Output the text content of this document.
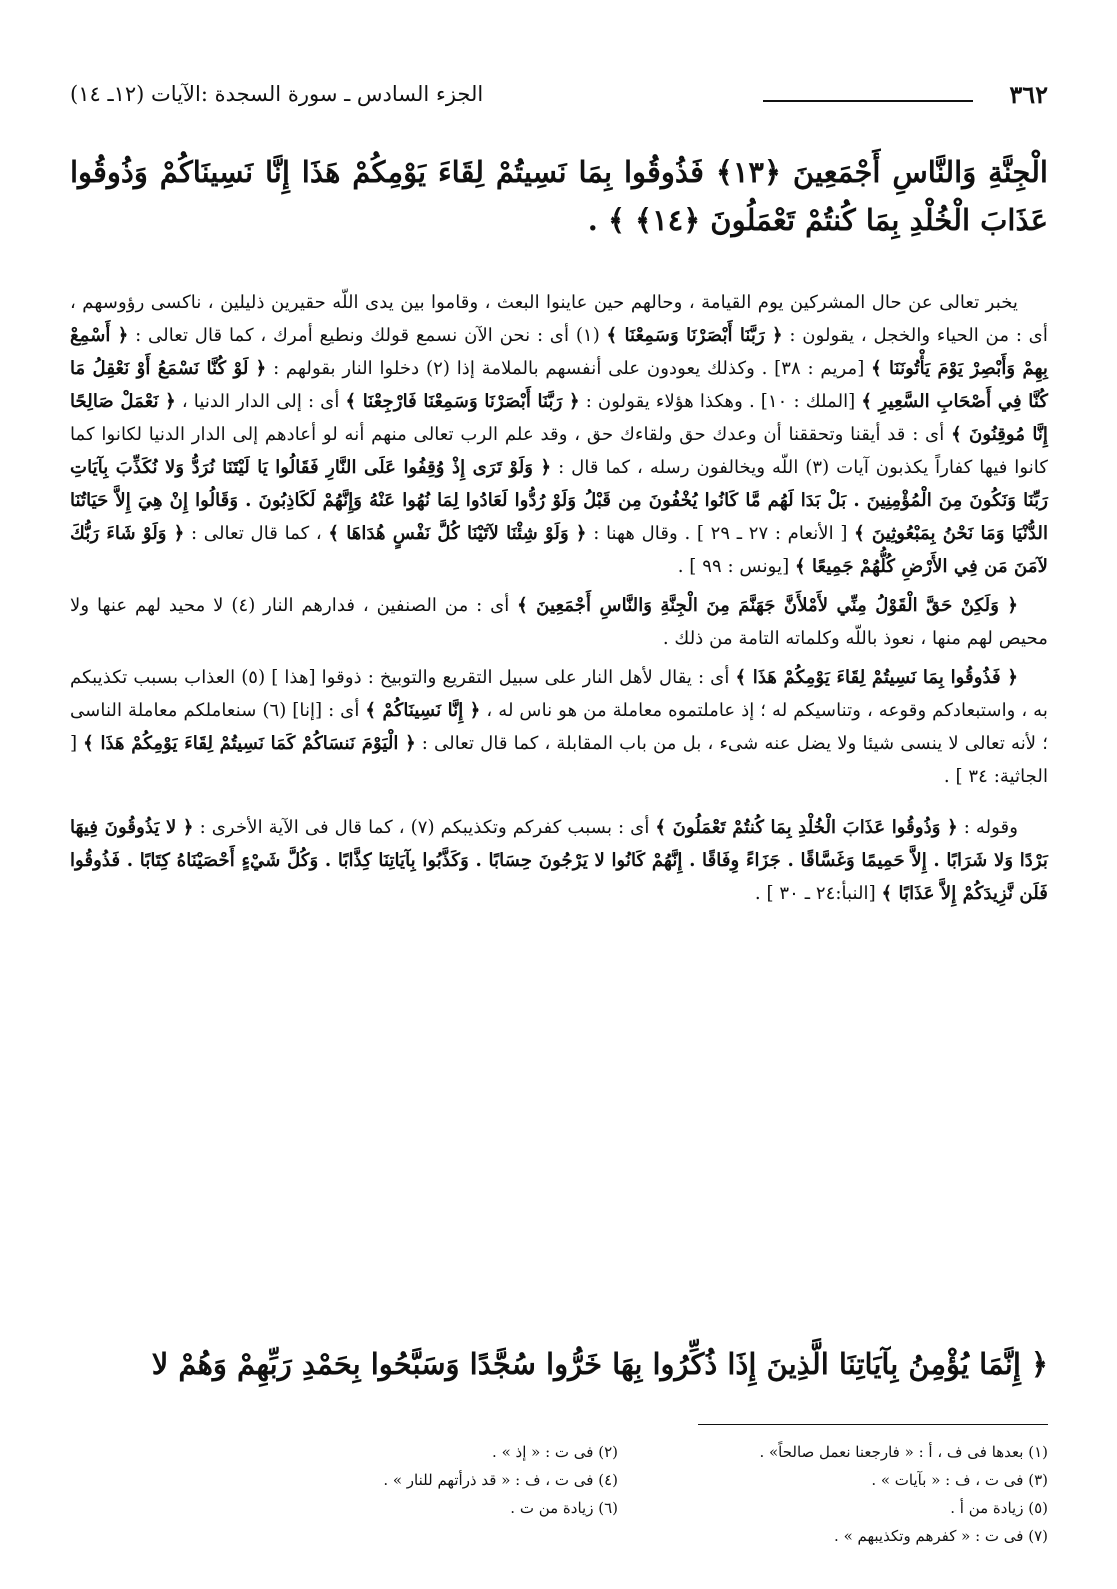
٣٦٢
الجزء السادس ـ سورة السجدة :الآيات (١٢ـ ١٤)
الْجِنَّةِ وَالنَّاسِ أَجْمَعِينَ ﴿١٣﴾ فَذُوقُوا بِمَا نَسِيتُمْ لِقَاءَ يَوْمِكُمْ هَذَا إِنَّا نَسِينَاكُمْ وَذُوقُوا عَذَابَ الْخُلْدِ بِمَا كُنتُمْ تَعْمَلُونَ ﴿١٤﴾ ﴾ .

يخبر تعالى عن حال المشركين يوم القيامة ، وحالهم حين عاينوا البعث ، وقاموا بين يدى اللّه حقيرين ذليلين ، ناكسى رؤوسهم ، أى : من الحياء والخجل ، يقولون : ﴿ رَبَّنَا أَبْصَرْنَا وَسَمِعْنَا ﴾ (١) أى : نحن الآن نسمع قولك ونطيع أمرك ، كما قال تعالى : ﴿ أَسْمِعْ بِهِمْ وَأَبْصِرْ يَوْمَ يَأْتُونَنَا ﴾ [مريم : ٣٨] . وكذلك يعودون على أنفسهم بالملامة إذا (٢) دخلوا النار بقولهم : ﴿ لَوْ كُنَّا نَسْمَعُ أَوْ نَعْقِلُ مَا كُنَّا فِي أَصْحَابِ السَّعِيرِ ﴾ [الملك : ١٠] . وهكذا هؤلاء يقولون : ﴿ رَبَّنَا أَبْصَرْنَا وَسَمِعْنَا فَارْجِعْنَا ﴾ أى : إلى الدار الدنيا ، ﴿ نَعْمَلْ صَالِحًا إِنَّا مُوقِنُونَ ﴾ أى : قد أيقنا وتحققنا أن وعدك حق ولقاءك حق ، وقد علم الرب تعالى منهم أنه لو أعادهم إلى الدار الدنيا لكانوا كما كانوا فيها كفاراً يكذبون آيات (٣) اللّه ويخالفون رسله ، كما قال : ﴿ وَلَوْ تَرَى إِذْ وُقِفُوا عَلَى النَّارِ فَقَالُوا يَا لَيْتَنَا نُرَدُّ وَلا نُكَذِّبَ بِآيَاتِ رَبِّنَا وَنَكُونَ مِنَ الْمُؤْمِنِينَ . بَلْ بَدَا لَهُم مَّا كَانُوا يُخْفُونَ مِن قَبْلُ وَلَوْ رُدُّوا لَعَادُوا لِمَا نُهُوا عَنْهُ وَإِنَّهُمْ لَكَاذِبُونَ . وَقَالُوا إِنْ هِيَ إِلاَّ حَيَاتُنَا الدُّنْيَا وَمَا نَحْنُ بِمَبْعُوثِينَ ﴾ [ الأنعام : ٢٧ ـ ٢٩ ] . وقال ههنا : ﴿ وَلَوْ شِئْنَا لآتَيْنَا كُلَّ نَفْسٍ هُدَاهَا ﴾ ، كما قال تعالى : ﴿ وَلَوْ شَاءَ رَبُّكَ لآمَنَ مَن فِي الأَرْضِ كُلُّهُمْ جَمِيعًا ﴾ [يونس : ٩٩ ] .

﴿ وَلَكِنْ حَقَّ الْقَوْلُ مِنِّي لأَمْلأَنَّ جَهَنَّمَ مِنَ الْجِنَّةِ وَالنَّاسِ أَجْمَعِينَ ﴾ أى : من الصنفين ، فدارهم النار (٤) لا محيد لهم عنها ولا محيص لهم منها ، نعوذ باللّه وكلماته التامة من ذلك .

﴿ فَذُوقُوا بِمَا نَسِيتُمْ لِقَاءَ يَوْمِكُمْ هَذَا ﴾ أى : يقال لأهل النار على سبيل التقريع والتوبيخ : ذوقوا [هذا ] (٥) العذاب بسبب تكذيبكم به ، واستبعادكم وقوعه ، وتناسيكم له ؛ إذ عاملتموه معاملة من هو ناس له ، ﴿ إِنَّا نَسِينَاكُمْ ﴾ أى : [إنا] (٦) سنعاملكم معاملة الناسى ؛ لأنه تعالى لا ينسى شيئا ولا يضل عنه شىء ، بل من باب المقابلة ، كما قال تعالى : ﴿ الْيَوْمَ نَنسَاكُمْ كَمَا نَسِيتُمْ لِقَاءَ يَوْمِكُمْ هَذَا ﴾ [ الجاثية: ٣٤ ] .

وقوله : ﴿ وَذُوقُوا عَذَابَ الْخُلْدِ بِمَا كُنتُمْ تَعْمَلُونَ ﴾ أى : بسبب كفركم وتكذيبكم (٧) ، كما قال فى الآية الأخرى : ﴿ لا يَذُوقُونَ فِيهَا بَرْدًا وَلا شَرَابًا . إِلاَّ حَمِيمًا وَغَسَّاقًا . جَزَاءً وِفَاقًا . إِنَّهُمْ كَانُوا لا يَرْجُونَ حِسَابًا . وَكَذَّبُوا بِآيَاتِنَا كِذَّابًا . وَكُلَّ شَيْءٍ أَحْصَيْنَاهُ كِتَابًا . فَذُوقُوا فَلَن نَّزِيدَكُمْ إِلاَّ عَذَابًا ﴾ [النبأ:٢٤ ـ ٣٠ ] .

﴿ إِنَّمَا يُؤْمِنُ بِآيَاتِنَا الَّذِينَ إِذَا ذُكِّرُوا بِهَا خَرُّوا سُجَّدًا وَسَبَّحُوا بِحَمْدِ رَبِّهِمْ وَهُمْ لا
(١) بعدها فى ف ، أ : « فارجعنا نعمل صالحاً» .
(٣) فى ت ، ف : « بآيات » .
(٥) زيادة من أ .
(٧) فى ت : « كفرهم وتكذيبهم » .
(٢) فى ت : « إذ » .
(٤) فى ت ، ف : « قد ذرأتهم للنار » .
(٦) زيادة من ت .
